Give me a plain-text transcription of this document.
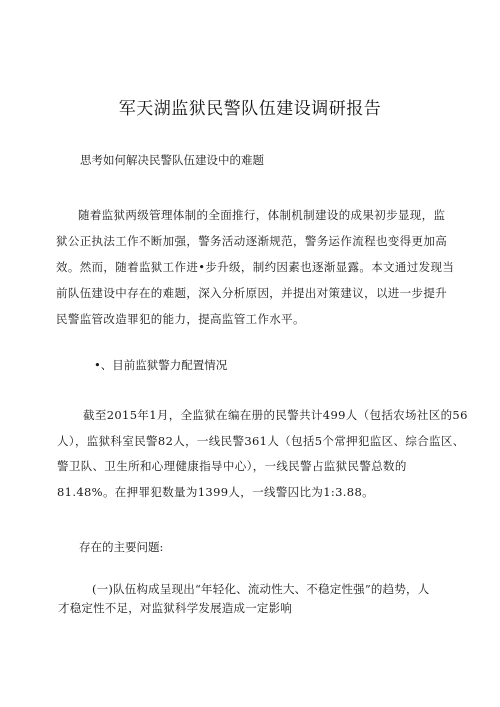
军天湖监狱民警队伍建设调研报告
思考如何解决民警队伍建设中的难题
随着监狱两级管理体制的全面推行，体制机制建设的成果初步显现，监
狱公正执法工作不断加强，警务活动逐渐规范，警务运作流程也变得更加高
效。然而，随着监狱工作进•步升级，制约因素也逐渐显露。本文通过发现当
前队伍建设中存在的难题，深入分析原因，并提出对策建议，以进一步提升
民警监管改造罪犯的能力，提高监管工作水平。
•、目前监狱警力配置情况
截至2015年1月，全监狱在编在册的民警共计499人（包括农场社区的56
人），监狱科室民警82人，一线民警361人（包括5个常押犯监区、综合监区、
警卫队、卫生所和心理健康指导中心），一线民警占监狱民警总数的
81.48%。在押罪犯数量为1399人，一线警囚比为1:3.88。
存在的主要问题:
(一)队伍构成呈现出“年轻化、流动性大、不稳定性强”的趋势，人
才稳定性不足，对监狱科学发展造成一定影响
